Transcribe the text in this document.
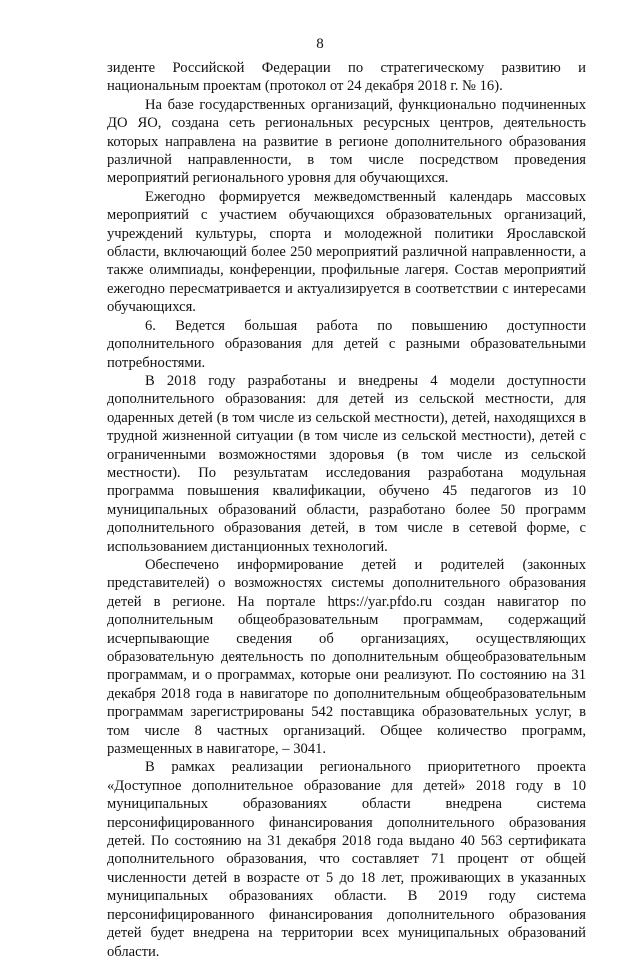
8

зиденте Российской Федерации по стратегическому развитию и национальным проектам (протокол от 24 декабря 2018 г. № 16).

На базе государственных организаций, функционально подчиненных ДО ЯО, создана сеть региональных ресурсных центров, деятельность которых направлена на развитие в регионе дополнительного образования различной направленности, в том числе посредством проведения мероприятий регионального уровня для обучающихся.

Ежегодно формируется межведомственный календарь массовых мероприятий с участием обучающихся образовательных организаций, учреждений культуры, спорта и молодежной политики Ярославской области, включающий более 250 мероприятий различной направленности, а также олимпиады, конференции, профильные лагеря. Состав мероприятий ежегодно пересматривается и актуализируется в соответствии с интересами обучающихся.

6. Ведется большая работа по повышению доступности дополнительного образования для детей с разными образовательными потребностями.

В 2018 году разработаны и внедрены 4 модели доступности дополнительного образования: для детей из сельской местности, для одаренных детей (в том числе из сельской местности), детей, находящихся в трудной жизненной ситуации (в том числе из сельской местности), детей с ограниченными возможностями здоровья (в том числе из сельской местности). По результатам исследования разработана модульная программа повышения квалификации, обучено 45 педагогов из 10 муниципальных образований области, разработано более 50 программ дополнительного образования детей, в том числе в сетевой форме, с использованием дистанционных технологий.

Обеспечено информирование детей и родителей (законных представителей) о возможностях системы дополнительного образования детей в регионе. На портале https://yar.pfdo.ru создан навигатор по дополнительным общеобразовательным программам, содержащий исчерпывающие сведения об организациях, осуществляющих образовательную деятельность по дополнительным общеобразовательным программам, и о программах, которые они реализуют. По состоянию на 31 декабря 2018 года в навигаторе по дополнительным общеобразовательным программам зарегистрированы 542 поставщика образовательных услуг, в том числе 8 частных организаций. Общее количество программ, размещенных в навигаторе, – 3041.

В рамках реализации регионального приоритетного проекта «Доступное дополнительное образование для детей» 2018 году в 10 муниципальных образованиях области внедрена система персонифицированного финансирования дополнительного образования детей. По состоянию на 31 декабря 2018 года выдано 40 563 сертификата дополнительного образования, что составляет 71 процент от общей численности детей в возрасте от 5 до 18 лет, проживающих в указанных муниципальных образованиях области. В 2019 году система персонифицированного финансирования дополнительного образования детей будет внедрена на территории всех муниципальных образований области.
